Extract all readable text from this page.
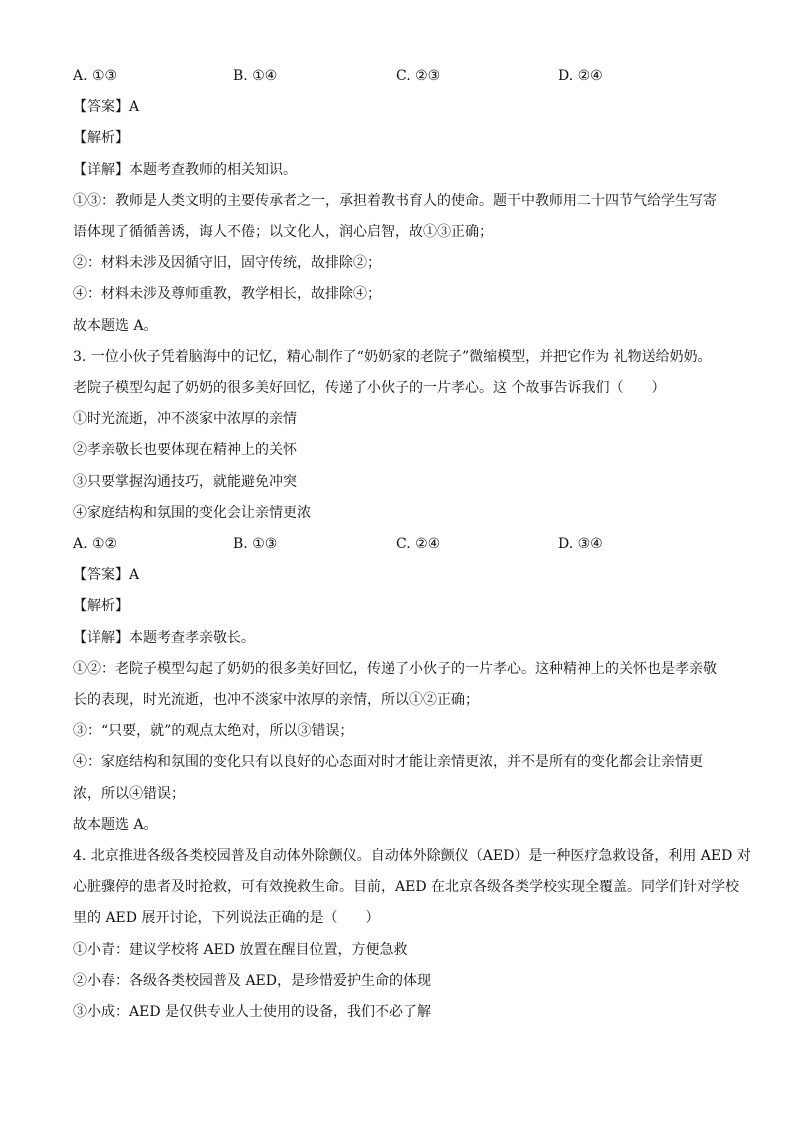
A. ①③	B. ①④	C. ②③	D. ②④
【答案】A
【解析】
【详解】本题考查教师的相关知识。
①③：教师是人类文明的主要传承者之一，承担着教书育人的使命。题干中教师用二十四节气给学生写寄
语体现了循循善诱，诲人不倦；以文化人，润心启智，故①③正确；
②：材料未涉及因循守旧，固守传统，故排除②；
④：材料未涉及尊师重教，教学相长，故排除④；
故本题选 A。
3. 一位小伙子凭着脑海中的记忆，精心制作了“奶奶家的老院子”微缩模型，并把它作为 礼物送给奶奶。
老院子模型勾起了奶奶的很多美好回忆，传递了小伙子的一片孝心。这 个故事告诉我们（　　）
①时光流逝，冲不淡家中浓厚的亲情
②孝亲敬长也要体现在精神上的关怀
③只要掌握沟通技巧，就能避免冲突
④家庭结构和氛围的变化会让亲情更浓
A. ①②	B. ①③	C. ②④	D. ③④
【答案】A
【解析】
【详解】本题考查孝亲敬长。
①②：老院子模型勾起了奶奶的很多美好回忆，传递了小伙子的一片孝心。这种精神上的关怀也是孝亲敬
长的表现，时光流逝，也冲不淡家中浓厚的亲情，所以①②正确；
③：“只要，就”的观点太绝对，所以③错误；
④：家庭结构和氛围的变化只有以良好的心态面对时才能让亲情更浓，并不是所有的变化都会让亲情更
浓，所以④错误；
故本题选 A。
4. 北京推进各级各类校园普及自动体外除颤仪。自动体外除颤仪（AED）是一种医疗急救设备，利用 AED 对
心脏骤停的患者及时抢救，可有效挽救生命。目前，AED 在北京各级各类学校实现全覆盖。同学们针对学校
里的 AED 展开讨论，下列说法正确的是（　　）
①小青：建议学校将 AED 放置在醒目位置，方便急救
②小春：各级各类校园普及 AED，是珍惜爱护生命的体现
③小成：AED 是仅供专业人士使用的设备，我们不必了解
